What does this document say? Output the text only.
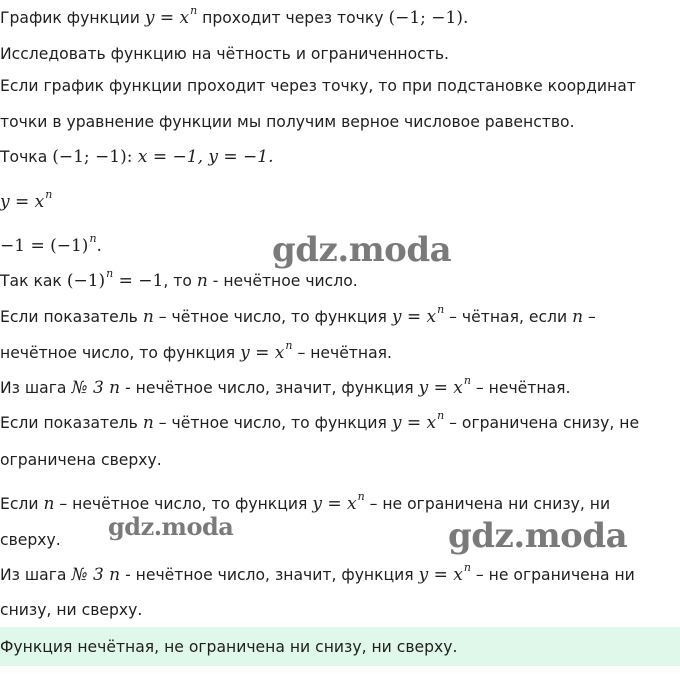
График функции $y = x^n$ проходит через точку (−1; −1).
Исследовать функцию на чётность и ограниченность.
Если график функции проходит через точку, то при подстановке координат
точки в уравнение функции мы получим верное числовое равенство.
Точка (−1; −1): x = −1, y = −1.
$y = x^n$
$-1 = (-1)^n$.
Так как $(-1)^n = -1$, то n - нечётное число.
Если показатель n – чётное число, то функция $y = x^n$ – чётная, если n –
нечётное число, то функция $y = x^n$ – нечётная.
Из шага № 3 n - нечётное число, значит, функция $y = x^n$ – нечётная.
Если показатель n – чётное число, то функция $y = x^n$ – ограничена снизу, не
ограничена сверху.
Если n – нечётное число, то функция $y = x^n$ – не ограничена ни снизу, ни
сверху.
Из шага № 3 n - нечётное число, значит, функция $y = x^n$ – не ограничена ни
снизу, ни сверху.
Функция нечётная, не ограничена ни снизу, ни сверху.
gdz.moda
gdz.moda	gdz.moda
